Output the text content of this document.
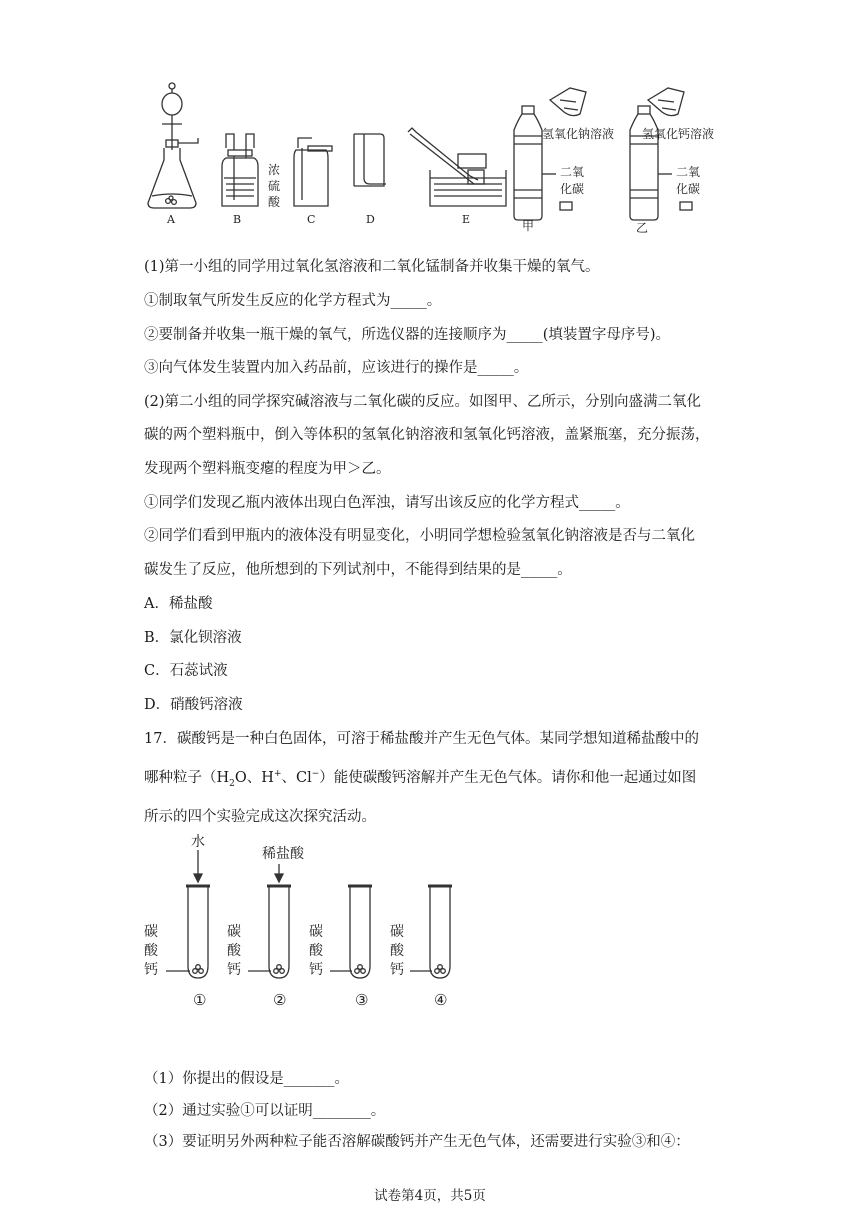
A	B	C	D	E
浓
硫
酸
氢氧化钠溶液
二氧
化碳
甲
氢氧化钙溶液
二氧
化碳
乙
(1)第一小组的同学用过氧化氢溶液和二氧化锰制备并收集干燥的氧气。
①制取氧气所发生反应的化学方程式为_____。
②要制备并收集一瓶干燥的氧气，所选仪器的连接顺序为_____(填装置字母序号)。
③向气体发生装置内加入药品前，应该进行的操作是_____。
(2)第二小组的同学探究碱溶液与二氧化碳的反应。如图甲、乙所示，分别向盛满二氧化
碳的两个塑料瓶中，倒入等体积的氢氧化钠溶液和氢氧化钙溶液，盖紧瓶塞，充分振荡，
发现两个塑料瓶变瘪的程度为甲＞乙。
①同学们发现乙瓶内液体出现白色浑浊，请写出该反应的化学方程式_____。
②同学们看到甲瓶内的液体没有明显变化，小明同学想检验氢氧化钠溶液是否与二氧化
碳发生了反应，他所想到的下列试剂中，不能得到结果的是_____。
A．稀盐酸
B．氯化钡溶液
C．石蕊试液
D．硝酸钙溶液
17．碳酸钙是一种白色固体，可溶于稀盐酸并产生无色气体。某同学想知道稀盐酸中的
哪种粒子（$H_2O$、H+、Cl−）能使碳酸钙溶解并产生无色气体。请你和他一起通过如图
所示的四个实验完成这次探究活动。
水
稀盐酸
碳
酸
钙
碳
酸
钙
碳
酸
钙
碳
酸
钙
①	②	③	④
（1）你提出的假设是_______。
（2）通过实验①可以证明________。
（3）要证明另外两种粒子能否溶解碳酸钙并产生无色气体，还需要进行实验③和④：
试卷第4页，共5页
